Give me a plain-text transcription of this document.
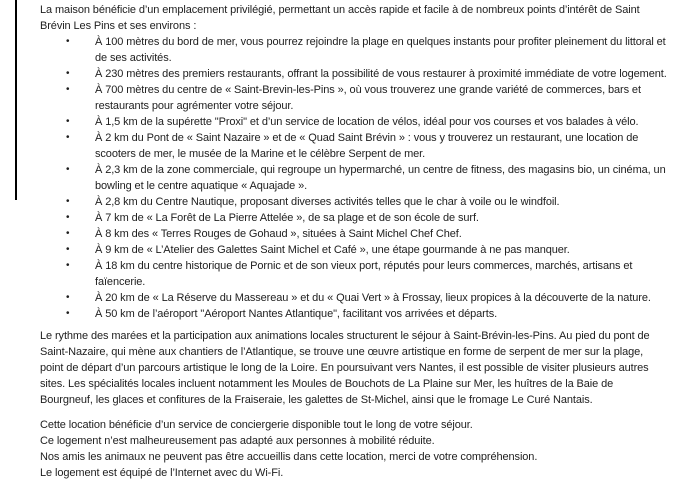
La maison bénéficie d’un emplacement privilégié, permettant un accès rapide et facile à de nombreux points d’intérêt de Saint Brévin Les Pins et ses environs :

•	À 100 mètres du bord de mer, vous pourrez rejoindre la plage en quelques instants pour profiter pleinement du littoral et de ses activités.
•	À 230 mètres des premiers restaurants, offrant la possibilité de vous restaurer à proximité immédiate de votre logement.
•	À 700 mètres du centre de « Saint-Brevin-les-Pins », où vous trouverez une grande variété de commerces, bars et restaurants pour agrémenter votre séjour.
•	À 1,5 km de la supérette "Proxi" et d’un service de location de vélos, idéal pour vos courses et vos balades à vélo.
•	À 2 km du Pont de « Saint Nazaire » et de « Quad Saint Brévin » : vous y trouverez un restaurant, une location de scooters de mer, le musée de la Marine et le célèbre Serpent de mer.
•	À 2,3 km de la zone commerciale, qui regroupe un hypermarché, un centre de fitness, des magasins bio, un cinéma, un bowling et le centre aquatique « Aquajade ».
•	À 2,8 km du Centre Nautique, proposant diverses activités telles que le char à voile ou le windfoil.
•	À 7 km de « La Forêt de La Pierre Attelée », de sa plage et de son école de surf.
•	À 8 km des « Terres Rouges de Gohaud », situées à Saint Michel Chef Chef.
•	À 9 km de « L’Atelier des Galettes Saint Michel et Café », une étape gourmande à ne pas manquer.
•	À 18 km du centre historique de Pornic et de son vieux port, réputés pour leurs commerces, marchés, artisans et faïencerie.
•	À 20 km de « La Réserve du Massereau » et du « Quai Vert » à Frossay, lieux propices à la découverte de la nature.
•	À 50 km de l’aéroport "Aéroport Nantes Atlantique", facilitant vos arrivées et départs.

Le rythme des marées et la participation aux animations locales structurent le séjour à Saint-Brévin-les-Pins. Au pied du pont de Saint-Nazaire, qui mène aux chantiers de l’Atlantique, se trouve une œuvre artistique en forme de serpent de mer sur la plage, point de départ d’un parcours artistique le long de la Loire. En poursuivant vers Nantes, il est possible de visiter plusieurs autres sites. Les spécialités locales incluent notamment les Moules de Bouchots de La Plaine sur Mer, les huîtres de la Baie de Bourgneuf, les glaces et confitures de la Fraiseraie, les galettes de St-Michel, ainsi que le fromage Le Curé Nantais.

Cette location bénéficie d’un service de conciergerie disponible tout le long de votre séjour.

Ce logement n’est malheureusement pas adapté aux personnes à mobilité réduite.

Nos amis les animaux ne peuvent pas être accueillis dans cette location, merci de votre compréhension.

Le logement est équipé de l’Internet avec du Wi-Fi.
